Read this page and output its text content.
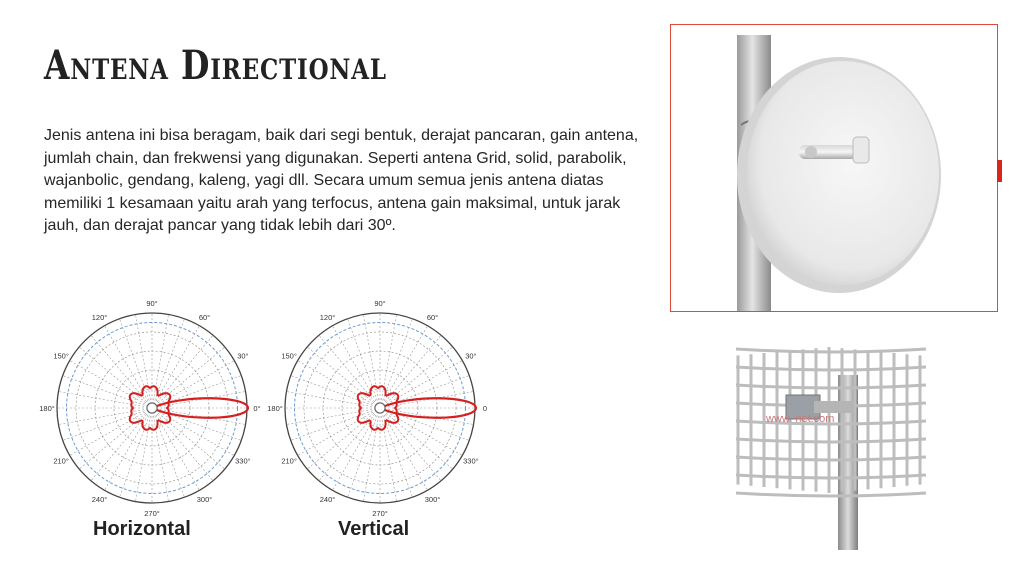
Antena Directional

Jenis antena ini bisa beragam, baik dari segi bentuk, derajat pancaran, gain antena, jumlah chain, dan frekwensi yang digunakan. Seperti antena Grid, solid, parabolik, wajanbolic, gendang, kaleng, yagi dll. Secara umum semua jenis antena diatas memiliki 1 kesamaan yaitu arah yang terfocus, antena gain maksimal, untuk jarak jauh, dan derajat pancar yang tidak lebih dari 30º.

90°
60°
30°
0°
330°
300°
270°
240°
210°
180°
150°
120°
Horizontal
90°
60°
30°
0
330°
300°
270°
240°
210°
180°
150°
120°
Vertical
www. net.com
